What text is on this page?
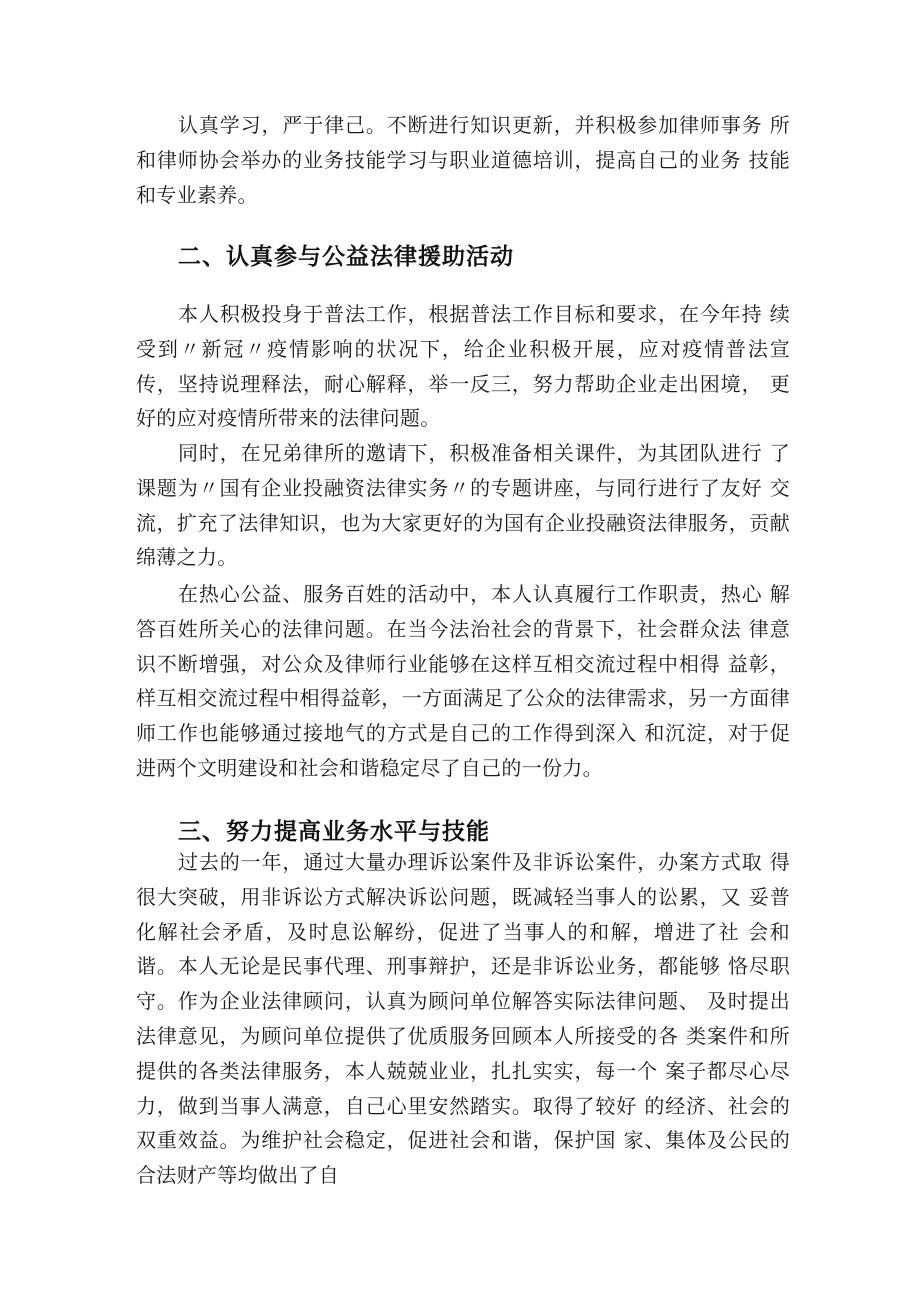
认真学习，严于律己。不断进行知识更新，并积极参加律师事务 所和律师协会举办的业务技能学习与职业道德培训，提高自己的业务 技能和专业素养。

二、认真参与公益法律援助活动

本人积极投身于普法工作，根据普法工作目标和要求，在今年持 续受到〃新冠〃疫情影响的状况下，给企业积极开展，应对疫情普法宣 传，坚持说理释法，耐心解释，举一反三，努力帮助企业走出困境， 更好的应对疫情所带来的法律问题。

同时，在兄弟律所的邀请下，积极准备相关课件，为其团队进行 了课题为〃国有企业投融资法律实务〃的专题讲座，与同行进行了友好 交流，扩充了法律知识，也为大家更好的为国有企业投融资法律服务，贡献绵薄之力。

在热心公益、服务百姓的活动中，本人认真履行工作职责，热心 解答百姓所关心的法律问题。在当今法治社会的背景下，社会群众法 律意识不断增强，对公众及律师行业能够在这样互相交流过程中相得 益彰，样互相交流过程中相得益彰，一方面满足了公众的法律需求，另一方面律师工作也能够通过接地气的方式是自己的工作得到深入 和沉淀，对于促进两个文明建设和社会和谐稳定尽了自己的一份力。

三、努力提高业务水平与技能

过去的一年，通过大量办理诉讼案件及非诉讼案件，办案方式取 得很大突破，用非诉讼方式解决诉讼问题，既减轻当事人的讼累，又 妥普化解社会矛盾，及时息讼解纷，促进了当事人的和解，增进了社 会和谐。本人无论是民事代理、刑事辩护，还是非诉讼业务，都能够 恪尽职守。作为企业法律顾问，认真为顾问单位解答实际法律问题、 及时提出法律意见，为顾问单位提供了优质服务回顾本人所接受的各 类案件和所提供的各类法律服务，本人兢兢业业，扎扎实实，每一个 案子都尽心尽力，做到当事人满意，自己心里安然踏实。取得了较好 的经济、社会的双重效益。为维护社会稳定，促进社会和谐，保护国 家、集体及公民的合法财产等均做出了自
